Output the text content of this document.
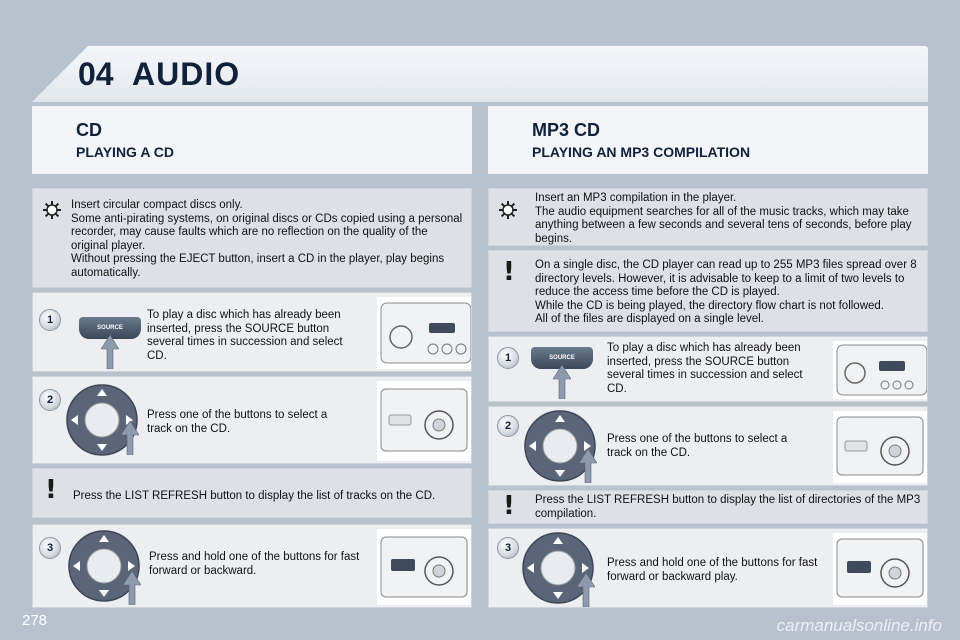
04 AUDIO
CD
PLAYING A CD
MP3 CD
PLAYING AN MP3 COMPILATION
Insert circular compact discs only.
Some anti-pirating systems, on original discs or CDs copied using a personal recorder, may cause faults which are no reflection on the quality of the original player.
Without pressing the EJECT button, insert a CD in the player, play begins automatically.
1
SOURCE
To play a disc which has already been inserted, press the SOURCE button several times in succession and select CD.
2
Press one of the buttons to select a track on the CD.
! Press the LIST REFRESH button to display the list of tracks on the CD.
3
Press and hold one of the buttons for fast forward or backward.
Insert an MP3 compilation in the player.
The audio equipment searches for all of the music tracks, which may take anything between a few seconds and several tens of seconds, before play begins.
! On a single disc, the CD player can read up to 255 MP3 files spread over 8 directory levels. However, it is advisable to keep to a limit of two levels to reduce the access time before the CD is played.
While the CD is being played, the directory flow chart is not followed.
All of the files are displayed on a single level.
1	SOURCE
To play a disc which has already been inserted, press the SOURCE button several times in succession and select CD.
2
Press one of the buttons to select a track on the CD.
! Press the LIST REFRESH button to display the list of directories of the MP3 compilation.
3
Press and hold one of the buttons for fast forward or backward play.
278	carmanualsonline.info
